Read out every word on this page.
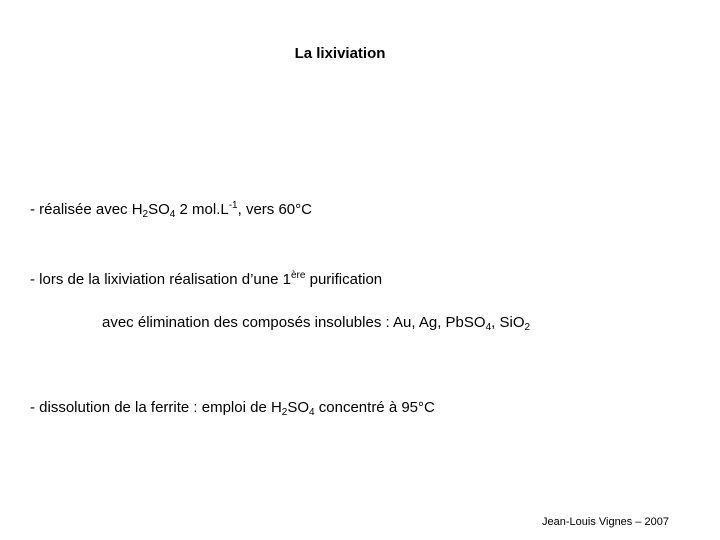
La lixiviation
- réalisée avec $H_2SO_4$ 2 $mol.L^{-1}$, vers 60°C
- lors de la lixiviation réalisation d’une 1ère purification
avec élimination des composés insolubles : Au, Ag, PbSO$_4$, SiO$_2$
- dissolution de la ferrite : emploi de $H_2SO_4$ concentré à 95°C
Jean-Louis Vignes – 2007
